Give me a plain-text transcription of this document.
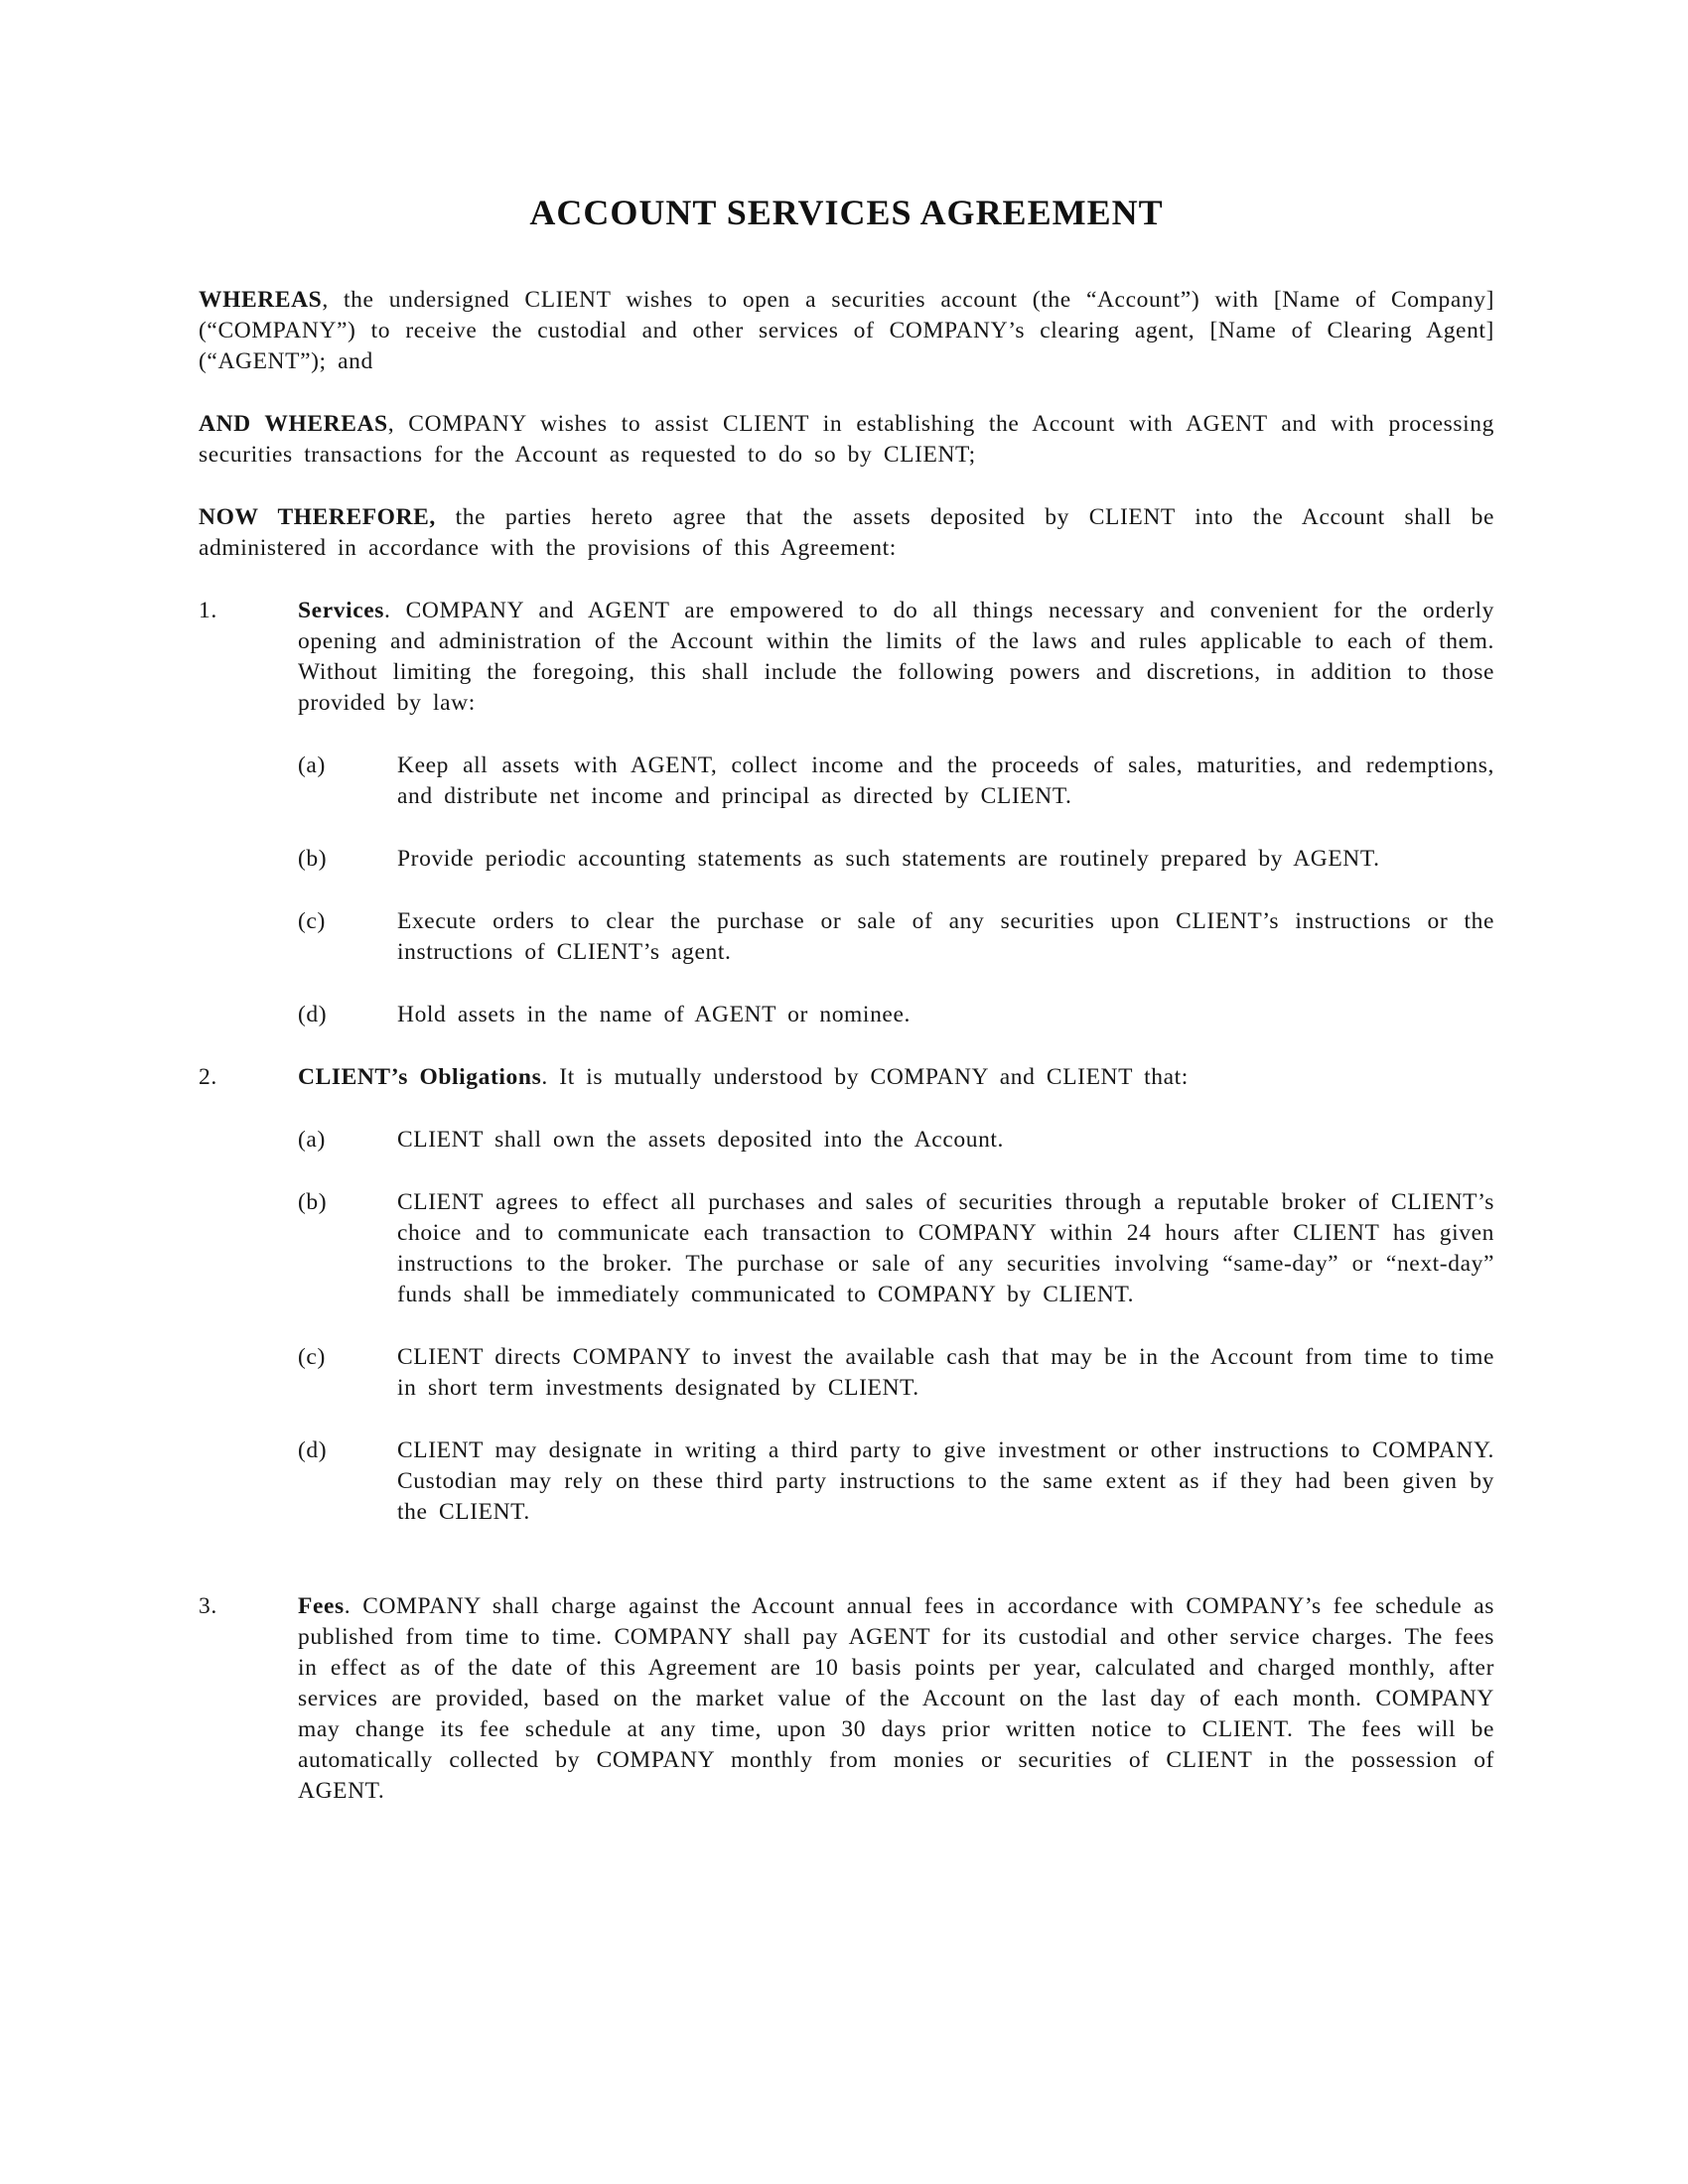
ACCOUNT SERVICES AGREEMENT

WHEREAS, the undersigned CLIENT wishes to open a securities account (the “Account”) with [Name of Company] (“COMPANY”) to receive the custodial and other services of COMPANY’s clearing agent, [Name of Clearing Agent] (“AGENT”); and

AND WHEREAS, COMPANY wishes to assist CLIENT in establishing the Account with AGENT and with processing securities transactions for the Account as requested to do so by CLIENT;

NOW THEREFORE, the parties hereto agree that the assets deposited by CLIENT into the Account shall be administered in accordance with the provisions of this Agreement:

1.	Services. COMPANY and AGENT are empowered to do all things necessary and convenient for the orderly opening and administration of the Account within the limits of the laws and rules applicable to each of them. Without limiting the foregoing, this shall include the following powers and discretions, in addition to those provided by law:

(a)	Keep all assets with AGENT, collect income and the proceeds of sales, maturities, and redemptions, and distribute net income and principal as directed by CLIENT.

(b)	Provide periodic accounting statements as such statements are routinely prepared by AGENT.

(c)	Execute orders to clear the purchase or sale of any securities upon CLIENT’s instructions or the instructions of CLIENT’s agent.

(d)	Hold assets in the name of AGENT or nominee.

2.	CLIENT’s Obligations. It is mutually understood by COMPANY and CLIENT that:

(a)	CLIENT shall own the assets deposited into the Account.

(b)	CLIENT agrees to effect all purchases and sales of securities through a reputable broker of CLIENT’s choice and to communicate each transaction to COMPANY within 24 hours after CLIENT has given instructions to the broker. The purchase or sale of any securities involving “same-day” or “next-day” funds shall be immediately communicated to COMPANY by CLIENT.

(c)	CLIENT directs COMPANY to invest the available cash that may be in the Account from time to time in short term investments designated by CLIENT.

(d)	CLIENT may designate in writing a third party to give investment or other instructions to COMPANY. Custodian may rely on these third party instructions to the same extent as if they had been given by the CLIENT.

3.	Fees. COMPANY shall charge against the Account annual fees in accordance with COMPANY’s fee schedule as published from time to time. COMPANY shall pay AGENT for its custodial and other service charges. The fees in effect as of the date of this Agreement are 10 basis points per year, calculated and charged monthly, after services are provided, based on the market value of the Account on the last day of each month. COMPANY may change its fee schedule at any time, upon 30 days prior written notice to CLIENT. The fees will be automatically collected by COMPANY monthly from monies or securities of CLIENT in the possession of AGENT.
